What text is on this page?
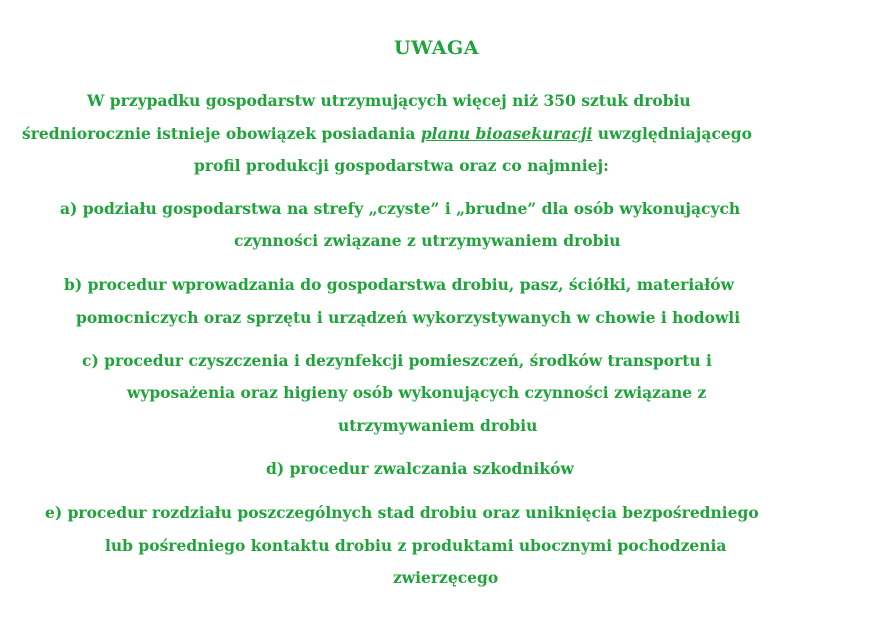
UWAGA
W przypadku gospodarstw utrzymujących więcej niż 350 sztuk drobiu
średniorocznie istnieje obowiązek posiadania planu bioasekuracji uwzględniającego
profil produkcji gospodarstwa oraz co najmniej:
a) podziału gospodarstwa na strefy „czyste” i „brudne” dla osób wykonujących
czynności związane z utrzymywaniem drobiu
b) procedur wprowadzania do gospodarstwa drobiu, pasz, ściółki, materiałów
pomocniczych oraz sprzętu i urządzeń wykorzystywanych w chowie i hodowli
c) procedur czyszczenia i dezynfekcji pomieszczeń, środków transportu i
wyposażenia oraz higieny osób wykonujących czynności związane z
utrzymywaniem drobiu
d) procedur zwalczania szkodników
e) procedur rozdziału poszczególnych stad drobiu oraz uniknięcia bezpośredniego
lub pośredniego kontaktu drobiu z produktami ubocznymi pochodzenia
zwierzęcego
